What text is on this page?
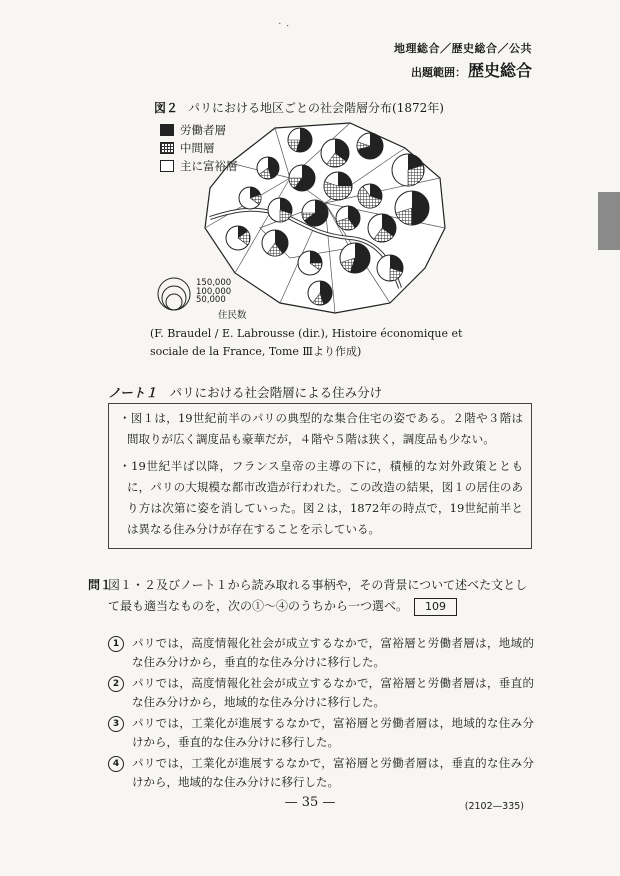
⠁⠂
地理総合／歴史総合／公共
出題範囲： 歴史総合
図２ パリにおける地区ごとの社会階層分布(1872年)
労働者層
中間層
主に富裕層
150,000
100,000
50,000
住民数
(F. Braudel / E. Labrousse (dir.), Histoire économique et
sociale de la France, Tome Ⅲより作成)
ノート１ パリにおける社会階層による住み分け

・図１は，19世紀前半のパリの典型的な集合住宅の姿である。２階や３階は間取りが広く調度品も豪華だが，４階や５階は狭く，調度品も少ない。

・19世紀半ば以降，フランス皇帝の主導の下に，積極的な対外政策とともに，パリの大規模な都市改造が行われた。この改造の結果，図１の居住のあり方は次第に姿を消していった。図２は，1872年の時点で，19世紀前半とは異なる住み分けが存在することを示している。

問１
図１・２及びノート１から読み取れる事柄や，その背景について述べた文として最も適当なものを，次の①～④のうちから一つ選べ。 109
1	パリでは，高度情報化社会が成立するなかで，富裕層と労働者層は，地域的な住み分けから，垂直的な住み分けに移行した。
2	パリでは，高度情報化社会が成立するなかで，富裕層と労働者層は，垂直的な住み分けから，地域的な住み分けに移行した。
3	パリでは，工業化が進展するなかで，富裕層と労働者層は，地域的な住み分けから，垂直的な住み分けに移行した。
4	パリでは，工業化が進展するなかで，富裕層と労働者層は，垂直的な住み分けから，地域的な住み分けに移行した。
— 35 —	(2102—335)
